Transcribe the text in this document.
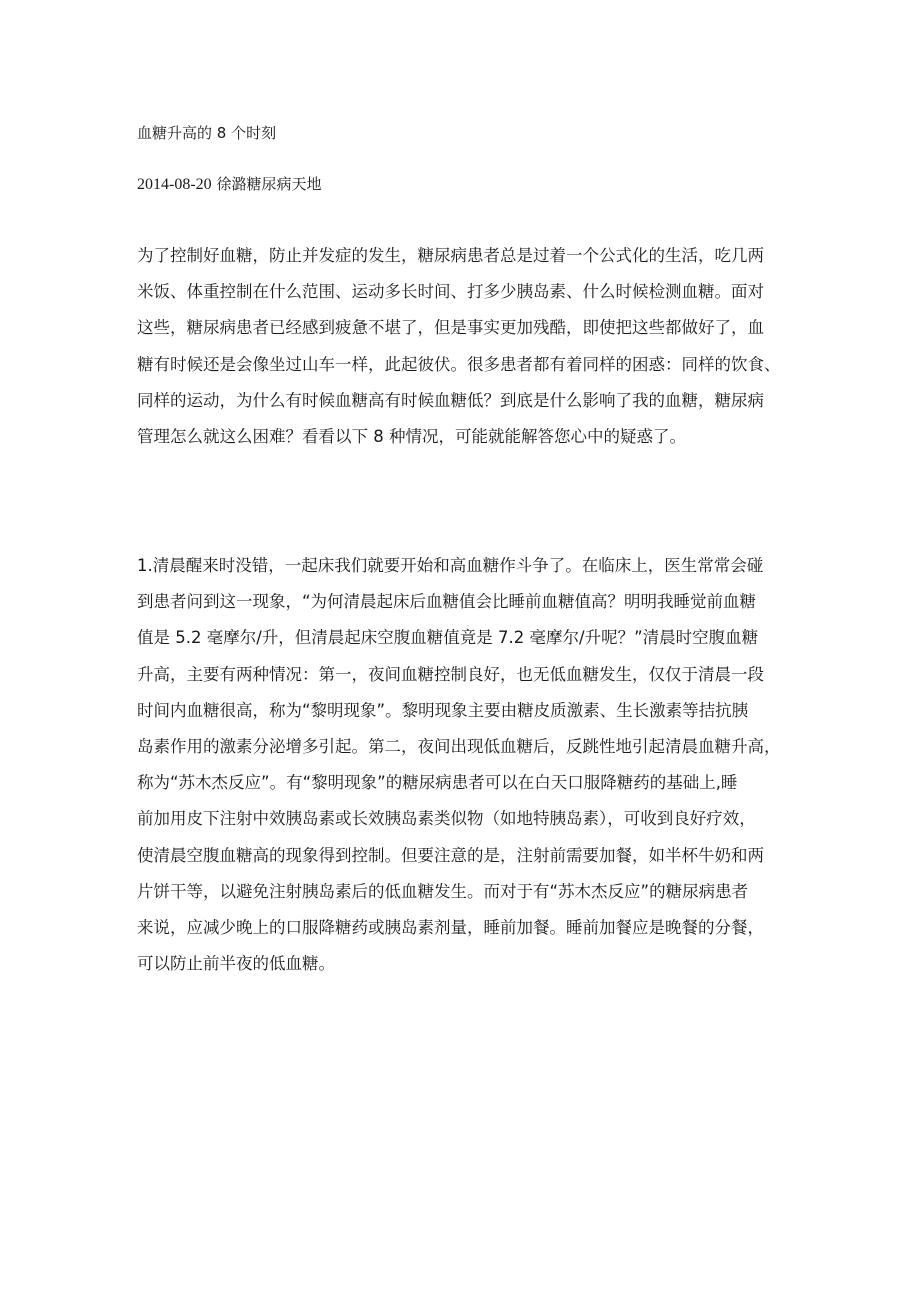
血糖升高的 8 个时刻
2014-08-20 徐潞糖尿病天地

为了控制好血糖，防止并发症的发生，糖尿病患者总是过着一个公式化的生活，吃几两
米饭、体重控制在什么范围、运动多长时间、打多少胰岛素、什么时候检测血糖。面对
这些，糖尿病患者已经感到疲惫不堪了，但是事实更加残酷，即使把这些都做好了，血
糖有时候还是会像坐过山车一样，此起彼伏。很多患者都有着同样的困惑：同样的饮食、
同样的运动，为什么有时候血糖高有时候血糖低？到底是什么影响了我的血糖，糖尿病
管理怎么就这么困难？看看以下 8 种情况，可能就能解答您心中的疑惑了。

1.清晨醒来时没错，一起床我们就要开始和高血糖作斗争了。在临床上，医生常常会碰
到患者问到这一现象，“为何清晨起床后血糖值会比睡前血糖值高？明明我睡觉前血糖
值是 5.2 毫摩尔/升，但清晨起床空腹血糖值竟是 7.2 毫摩尔/升呢？”清晨时空腹血糖
升高，主要有两种情况：第一，夜间血糖控制良好，也无低血糖发生，仅仅于清晨一段
时间内血糖很高，称为“黎明现象”。黎明现象主要由糖皮质激素、生长激素等拮抗胰
岛素作用的激素分泌增多引起。第二，夜间出现低血糖后，反跳性地引起清晨血糖升高，
称为“苏木杰反应”。有“黎明现象”的糖尿病患者可以在白天口服降糖药的基础上,睡
前加用皮下注射中效胰岛素或长效胰岛素类似物（如地特胰岛素），可收到良好疗效，
使清晨空腹血糖高的现象得到控制。但要注意的是，注射前需要加餐，如半杯牛奶和两
片饼干等，以避免注射胰岛素后的低血糖发生。而对于有“苏木杰反应”的糖尿病患者
来说，应减少晚上的口服降糖药或胰岛素剂量，睡前加餐。睡前加餐应是晚餐的分餐，
可以防止前半夜的低血糖。
